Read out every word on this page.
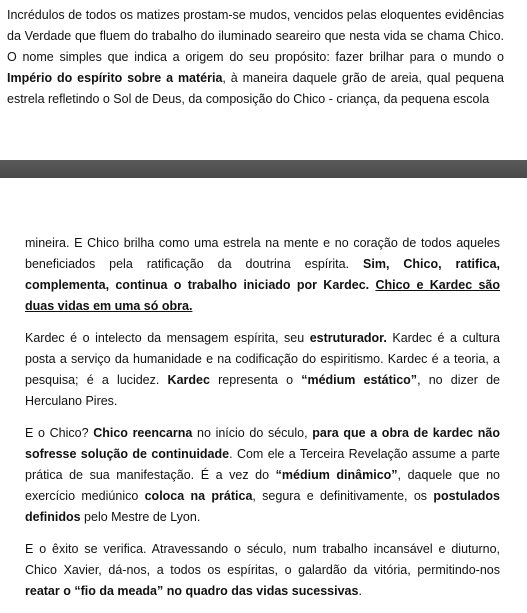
Incrédulos de todos os matizes prostam-se mudos, vencidos pelas eloquentes evidências da Verdade que fluem do trabalho do iluminado seareiro que nesta vida se chama Chico. O nome simples que indica a origem do seu propósito: fazer brilhar para o mundo o Império do espírito sobre a matéria, à maneira daquele grão de areia, qual pequena estrela refletindo o Sol de Deus, da composição do Chico - criança, da pequena escola

mineira. E Chico brilha como uma estrela na mente e no coração de todos aqueles beneficiados pela ratificação da doutrina espírita. Sim, Chico, ratifica, complementa, continua o trabalho iniciado por Kardec. Chico e Kardec são duas vidas em uma só obra.

Kardec é o intelecto da mensagem espírita, seu estruturador. Kardec é a cultura posta a serviço da humanidade e na codificação do espiritismo. Kardec é a teoria, a pesquisa; é a lucidez. Kardec representa o “médium estático”, no dizer de Herculano Pires.

E o Chico? Chico reencarna no início do século, para que a obra de kardec não sofresse solução de continuidade. Com ele a Terceira Revelação assume a parte prática de sua manifestação. É a vez do “médium dinâmico”, daquele que no exercício mediúnico coloca na prática, segura e definitivamente, os postulados definidos pelo Mestre de Lyon.

E o êxito se verifica. Atravessando o século, num trabalho incansável e diuturno, Chico Xavier, dá-nos, a todos os espíritas, o galardão da vitória, permitindo-nos reatar o “fio da meada” no quadro das vidas sucessivas.
